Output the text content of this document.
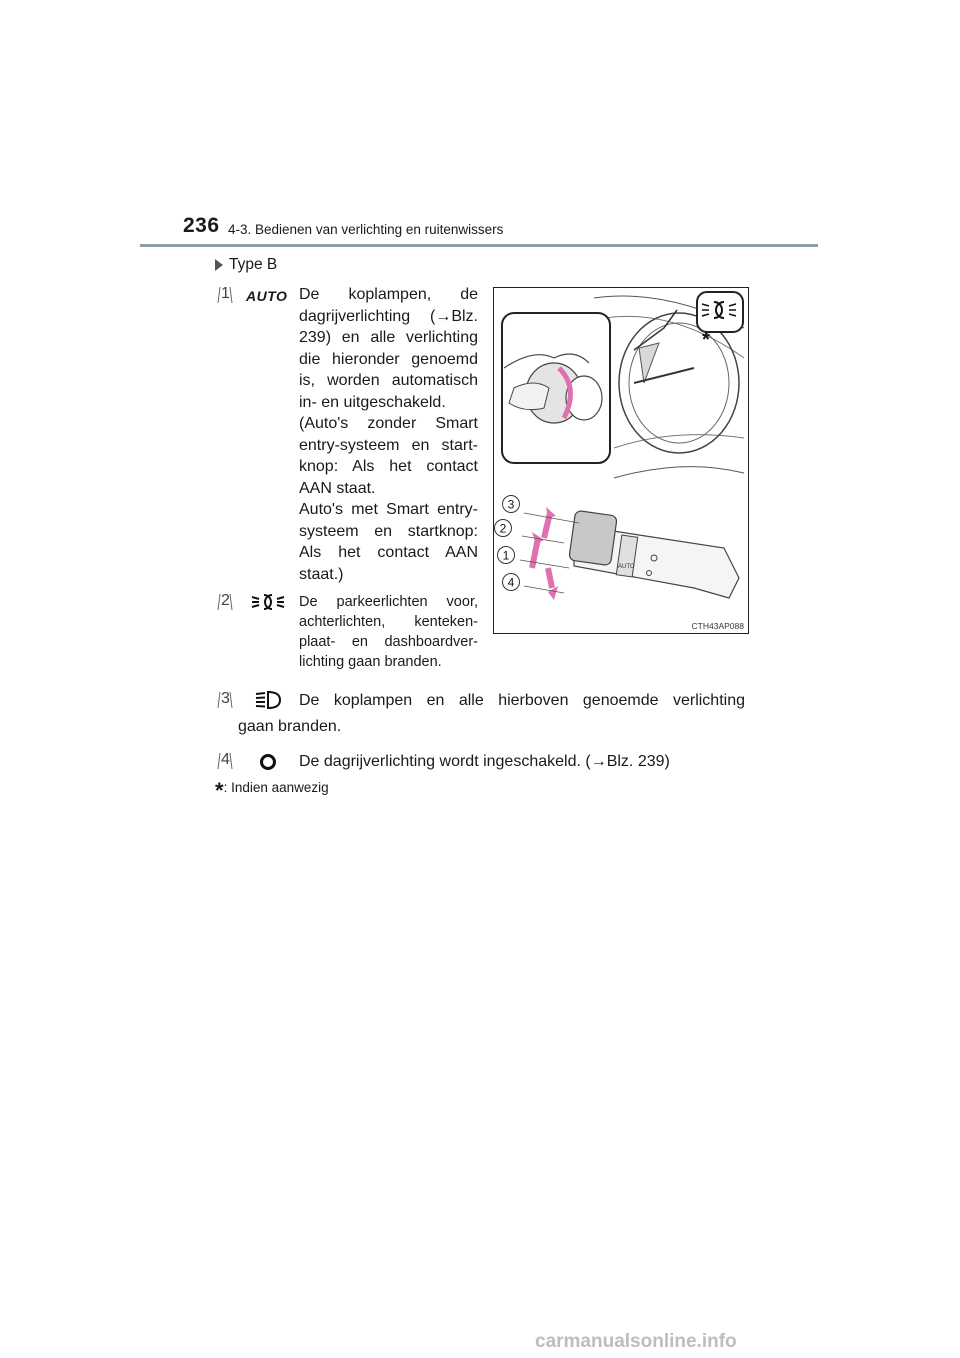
236 4-3. Bedienen van verlichting en ruitenwissers
Type B
1 AUTO De koplampen, de dagrijverlichting (→Blz. 239) en alle verlichting die hieronder genoemd is, worden automatisch in- en uitgeschakeld.
(Auto's zonder Smart entry-systeem en start-knop: Als het contact AAN staat.
Auto's met Smart entry-systeem en startknop: Als het contact AAN staat.)
2	De parkeerlichten voor, achterlichten, kenteken-plaat- en dashboardver-lichting gaan branden.
*
AUTO
3
2
1
4
CTH43AP088
3	De koplampen en alle hierboven genoemde verlichting
gaan branden.
4	De dagrijverlichting wordt ingeschakeld. (→Blz. 239)
*: Indien aanwezig
carmanualsonline.info
